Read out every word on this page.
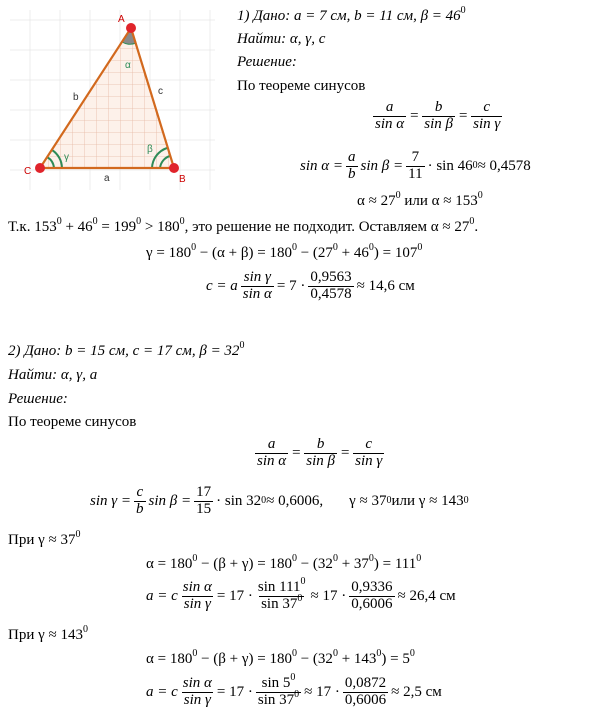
A
B
C
a
b
c
α
β
γ
1) Дано: a = 7 см, b = 11 см, $\beta = 46^0$
Найти: α, γ, c
Решение:
По теореме синусов
$\frac{a}{\text{sin α}} = \frac{b}{\text{sin β}} = \frac{c}{\text{sin γ}}$
$\sin \alpha = \frac{a}{b}$ $\sin \beta = \frac{7}{11} \cdot \sin 46$ 0 ≈ 0,4578
$\alpha \approx 27^0$ или $\alpha \approx 153^0$
Т.к. $153^0 + 46^0 = 199^0 > 180^0$, это решение не подходит. Оставляем $\alpha \approx 27^0$.
$\gamma = 180^0 - (\alpha + \beta) = 180^0 - (27^0 + 46^0) = 107^0$
c = a $\frac{\text{sin γ}}{\text{sin α}} = 7 \cdot \frac{0,9563}{0,4578} \approx 14,6$ см
2) Дано: b = 15 см, c = 17 см, $\beta = 32^0$
Найти: α, γ, a
Решение:
По теореме синусов
$\frac{a}{\text{sin α}} = \frac{b}{\text{sin β}} = \frac{c}{\text{sin γ}}$
$\sin \gamma = \frac{c}{b}$ $\sin \beta = \frac{17}{15} \cdot \sin 32$ 0 ≈ 0,6006, γ ≈ 37 0 или γ ≈ 143 0
При $\gamma \approx 37^0$
$\alpha = 180^0 - (\beta + \gamma) = 180^0 - (32^0 + 37^0) = 111^0$
a = c $\frac{\text{sin α}}{\text{sin γ}} = 17 \cdot \frac{\sin 111^0}{\sin 37^0} \approx 17 \cdot \frac{0,9336}{0,6006} \approx 26,4$ см
При $\gamma \approx 143^0$
$\alpha = 180^0 - (\beta + \gamma) = 180^0 - (32^0 + 143^0) = 5^0$
a = c $\frac{\text{sin α}}{\text{sin γ}} = 17 \cdot \frac{\sin 5^0}{\sin 37^0} \approx 17 \cdot \frac{0,0872}{0,6006} \approx 2,5$ см
